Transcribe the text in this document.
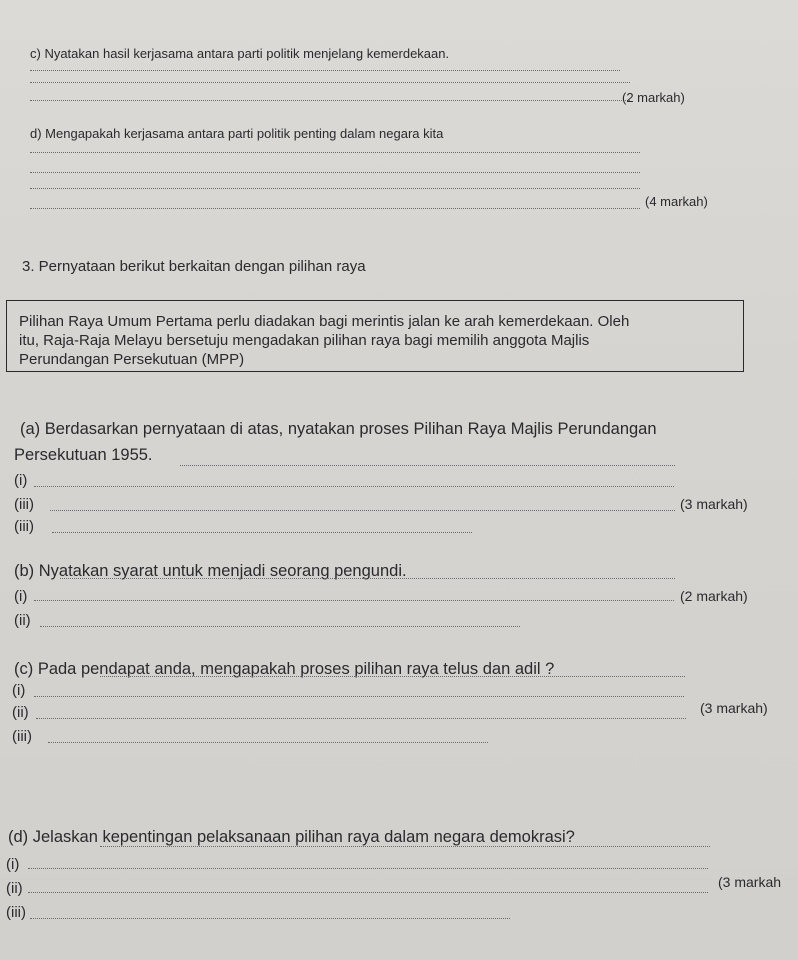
c) Nyatakan hasil kerjasama antara parti politik menjelang kemerdekaan.
(2 markah)
d) Mengapakah kerjasama antara parti politik penting dalam negara kita
(4 markah)
3. Pernyataan berikut berkaitan dengan pilihan raya
Pilihan Raya Umum Pertama perlu diadakan bagi merintis jalan ke arah kemerdekaan. Oleh
itu, Raja-Raja Melayu bersetuju mengadakan pilihan raya bagi memilih anggota Majlis
Perundangan Persekutuan (MPP)
(a) Berdasarkan pernyataan di atas, nyatakan proses Pilihan Raya Majlis Perundangan
Persekutuan 1955.
(i)
(iii)	(3 markah)
(iii)
(b) Nyatakan syarat untuk menjadi seorang pengundi.
(i)	(2 markah)
(ii)
(c) Pada pendapat anda, mengapakah proses pilihan raya telus dan adil ?
(i)
(ii)	(3 markah)
(iii)
(d) Jelaskan kepentingan pelaksanaan pilihan raya dalam negara demokrasi?
(i)
(ii)	(3 markah
(iii)
